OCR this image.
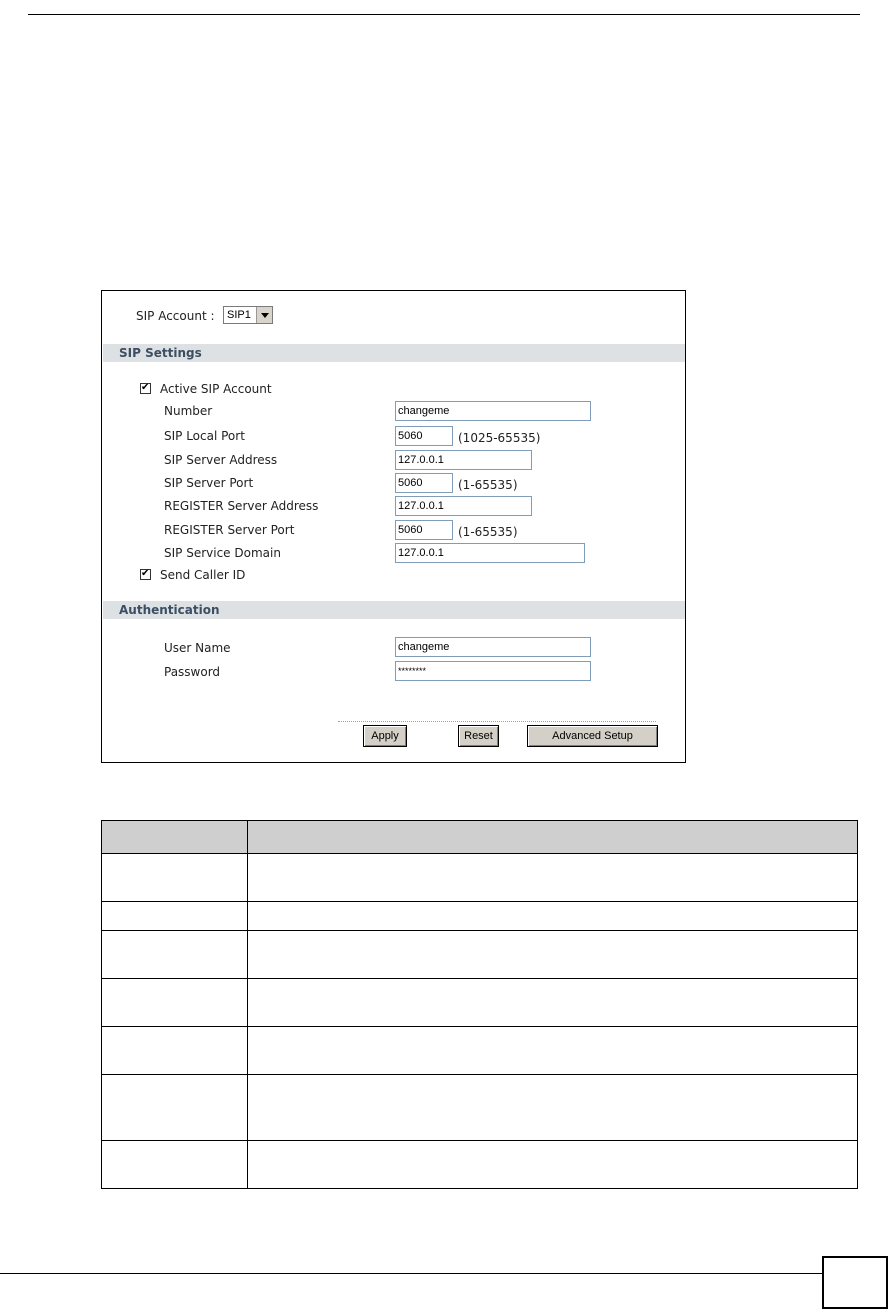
SIP Account : SIP1
SIP Settings
✔
Active SIP Account
Number	changeme
SIP Local Port	5060	(1025-65535)
SIP Server Address	127.0.0.1
SIP Server Port	5060	(1-65535)
REGISTER Server Address	127.0.0.1
REGISTER Server Port	5060	(1-65535)
SIP Service Domain	127.0.0.1
✔
Send Caller ID
Authentication
User Name	changeme
Password	********
Apply	Reset	Advanced Setup
